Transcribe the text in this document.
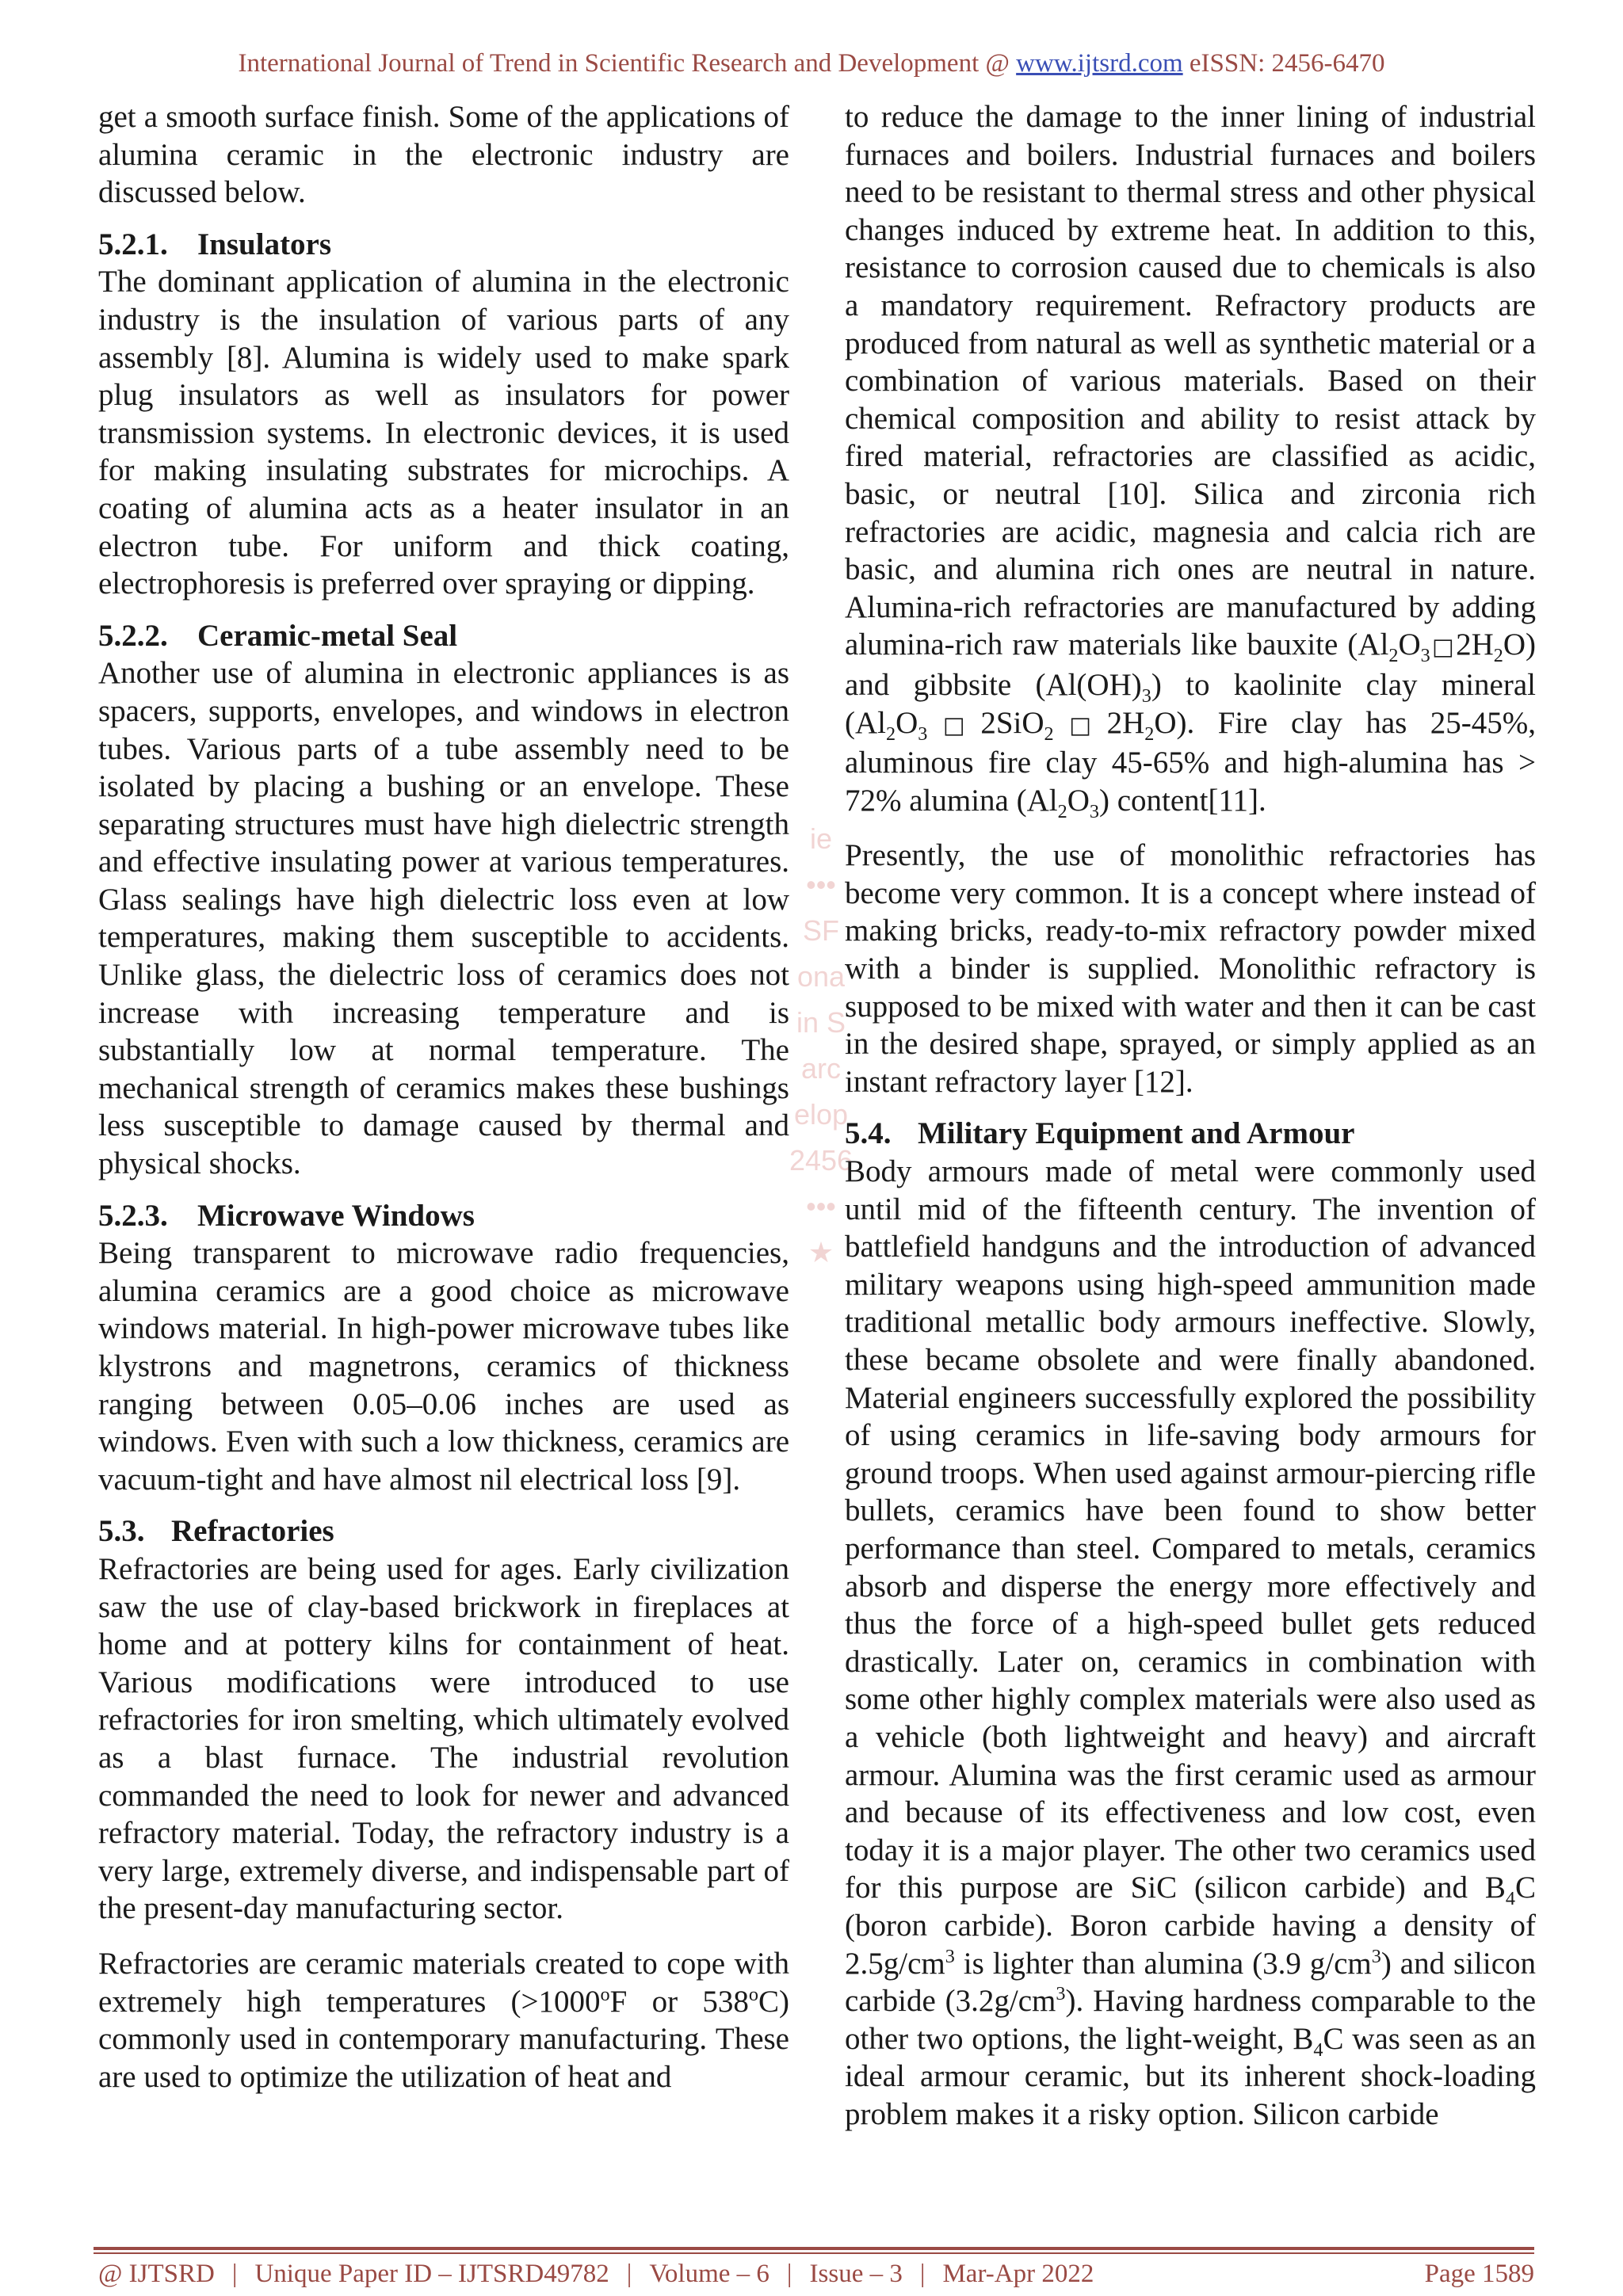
International Journal of Trend in Scientific Research and Development @ www.ijtsrd.com eISSN: 2456-6470

get a smooth surface finish. Some of the applications of alumina ceramic in the electronic industry are discussed below.

5.2.1. Insulators

The dominant application of alumina in the electronic industry is the insulation of various parts of any assembly [8]. Alumina is widely used to make spark plug insulators as well as insulators for power transmission systems. In electronic devices, it is used for making insulating substrates for microchips. A coating of alumina acts as a heater insulator in an electron tube. For uniform and thick coating, electrophoresis is preferred over spraying or dipping.

5.2.2. Ceramic-metal Seal

Another use of alumina in electronic appliances is as spacers, supports, envelopes, and windows in electron tubes. Various parts of a tube assembly need to be isolated by placing a bushing or an envelope. These separating structures must have high dielectric strength and effective insulating power at various temperatures. Glass sealings have high dielectric loss even at low temperatures, making them susceptible to accidents. Unlike glass, the dielectric loss of ceramics does not increase with increasing temperature and is substantially low at normal temperature. The mechanical strength of ceramics makes these bushings less susceptible to damage caused by thermal and physical shocks.

5.2.3. Microwave Windows

Being transparent to microwave radio frequencies, alumina ceramics are a good choice as microwave windows material. In high-power microwave tubes like klystrons and magnetrons, ceramics of thickness ranging between 0.05–0.06 inches are used as windows. Even with such a low thickness, ceramics are vacuum-tight and have almost nil electrical loss [9].

5.3. Refractories

Refractories are being used for ages. Early civilization saw the use of clay-based brickwork in fireplaces at home and at pottery kilns for containment of heat. Various modifications were introduced to use refractories for iron smelting, which ultimately evolved as a blast furnace. The industrial revolution commanded the need to look for newer and advanced refractory material. Today, the refractory industry is a very large, extremely diverse, and indispensable part of the present-day manufacturing sector.

Refractories are ceramic materials created to cope with extremely high temperatures ($>1000^oF$ or 538$^o$C) commonly used in contemporary manufacturing. These are used to optimize the utilization of heat and

ie
•••
SF
ona
in S
arc
elop
2456
•••
★

to reduce the damage to the inner lining of industrial furnaces and boilers. Industrial furnaces and boilers need to be resistant to thermal stress and other physical changes induced by extreme heat. In addition to this, resistance to corrosion caused due to chemicals is also a mandatory requirement. Refractory products are produced from natural as well as synthetic material or a combination of various materials. Based on their chemical composition and ability to resist attack by fired material, refractories are classified as acidic, basic, or neutral [10]. Silica and zirconia rich refractories are acidic, magnesia and calcia rich are basic, and alumina rich ones are neutral in nature. Alumina-rich refractories are manufactured by adding alumina-rich raw materials like bauxite $(Al_2O_3□2H_2O)$ and gibbsite $(Al(OH)_3)$ to kaolinite clay mineral $(Al_2O_3□2SiO_2□2H_2O)$. Fire clay has 25-45%, aluminous fire clay 45-65% and high-alumina has > 72% alumina $(Al_2O_3)$ content[11].

Presently, the use of monolithic refractories has become very common. It is a concept where instead of making bricks, ready-to-mix refractory powder mixed with a binder is supplied. Monolithic refractory is supposed to be mixed with water and then it can be cast in the desired shape, sprayed, or simply applied as an instant refractory layer [12].

5.4. Military Equipment and Armour

Body armours made of metal were commonly used until mid of the fifteenth century. The invention of battlefield handguns and the introduction of advanced military weapons using high-speed ammunition made traditional metallic body armours ineffective. Slowly, these became obsolete and were finally abandoned. Material engineers successfully explored the possibility of using ceramics in life-saving body armours for ground troops. When used against armour-piercing rifle bullets, ceramics have been found to show better performance than steel. Compared to metals, ceramics absorb and disperse the energy more effectively and thus the force of a high-speed bullet gets reduced drastically. Later on, ceramics in combination with some other highly complex materials were also used as a vehicle (both lightweight and heavy) and aircraft armour. Alumina was the first ceramic used as armour and because of its effectiveness and low cost, even today it is a major player. The other two ceramics used for this purpose are SiC (silicon carbide) and $B_4C$ (boron carbide). Boron carbide having a density of $2.5g/cm^3$ is lighter than alumina (3.9 $g/cm^3$) and silicon carbide $(3.2g/cm^3)$. Having hardness comparable to the other two options, the light-weight, $B_4C$ was seen as an ideal armour ceramic, but its inherent shock-loading problem makes it a risky option. Silicon carbide

@ IJTSRD | Unique Paper ID – IJTSRD49782 | Volume – 6 | Issue – 3 | Mar-Apr 2022	Page 1589
